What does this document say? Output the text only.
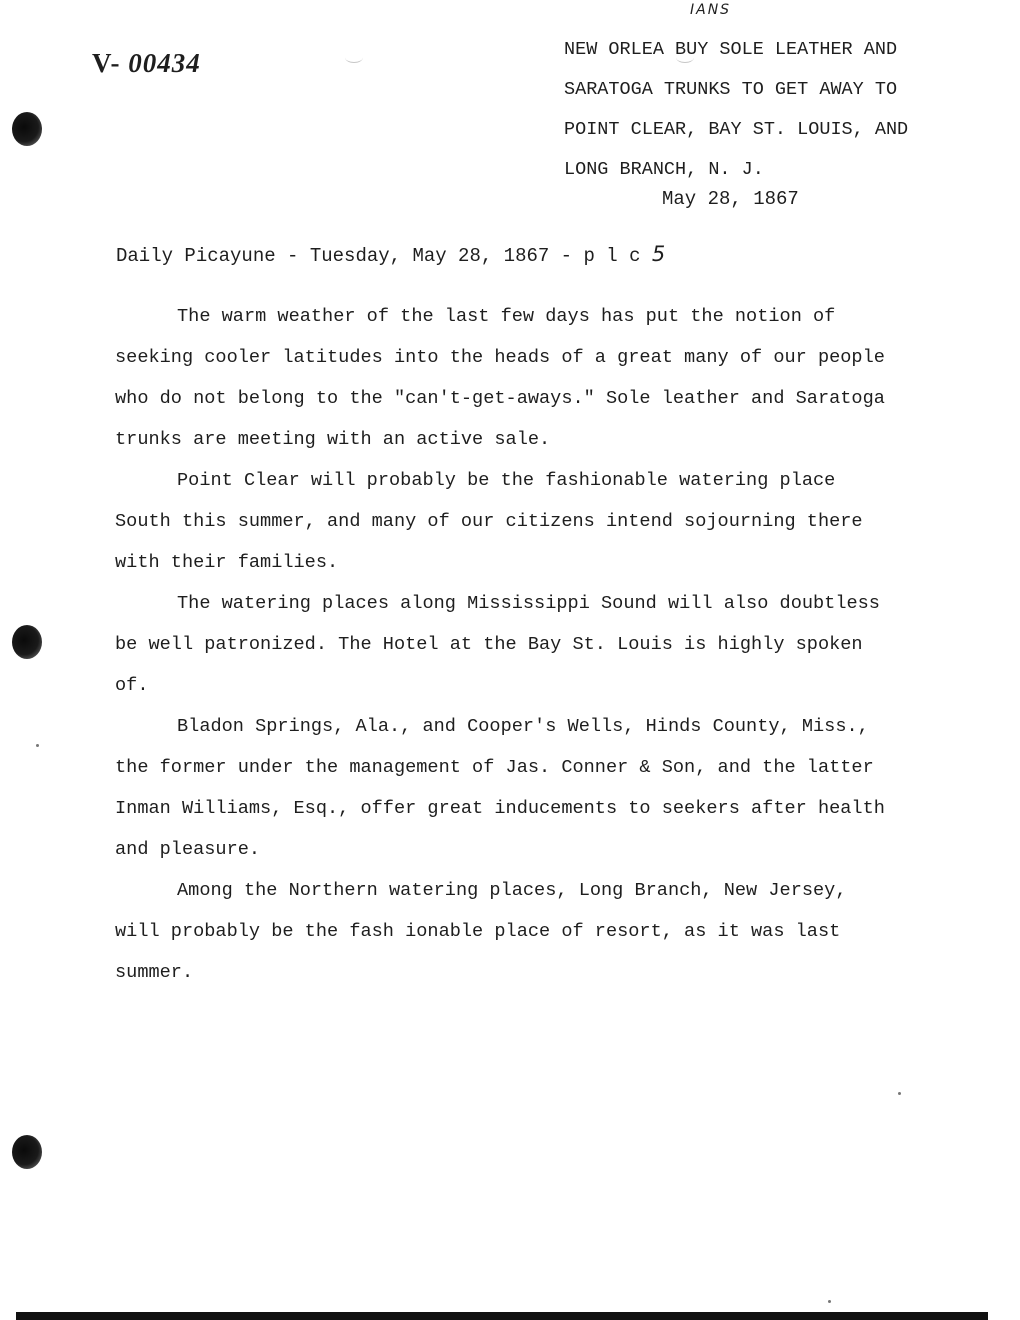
V- 00434
IANS
NEW ORLEA BUY SOLE LEATHER AND
SARATOGA TRUNKS TO GET AWAY TO
POINT CLEAR, BAY ST. LOUIS, AND
LONG BRANCH, N. J.
May 28, 1867
Daily Picayune - Tuesday, May 28, 1867 - p l c 5

The warm weather of the last few days has put the notion of
seeking cooler latitudes into the heads of a great many of our people
who do not belong to the "can't-get-aways." Sole leather and Saratoga
trunks are meeting with an active sale.

Point Clear will probably be the fashionable watering place
South this summer, and many of our citizens intend sojourning there
with their families.

The watering places along Mississippi Sound will also doubtless
be well patronized. The Hotel at the Bay St. Louis is highly spoken
of.

Bladon Springs, Ala., and Cooper's Wells, Hinds County, Miss.,
the former under the management of Jas. Conner & Son, and the latter
Inman Williams, Esq., offer great inducements to seekers after health
and pleasure.

Among the Northern watering places, Long Branch, New Jersey,
will probably be the fash ionable place of resort, as it was last
summer.
